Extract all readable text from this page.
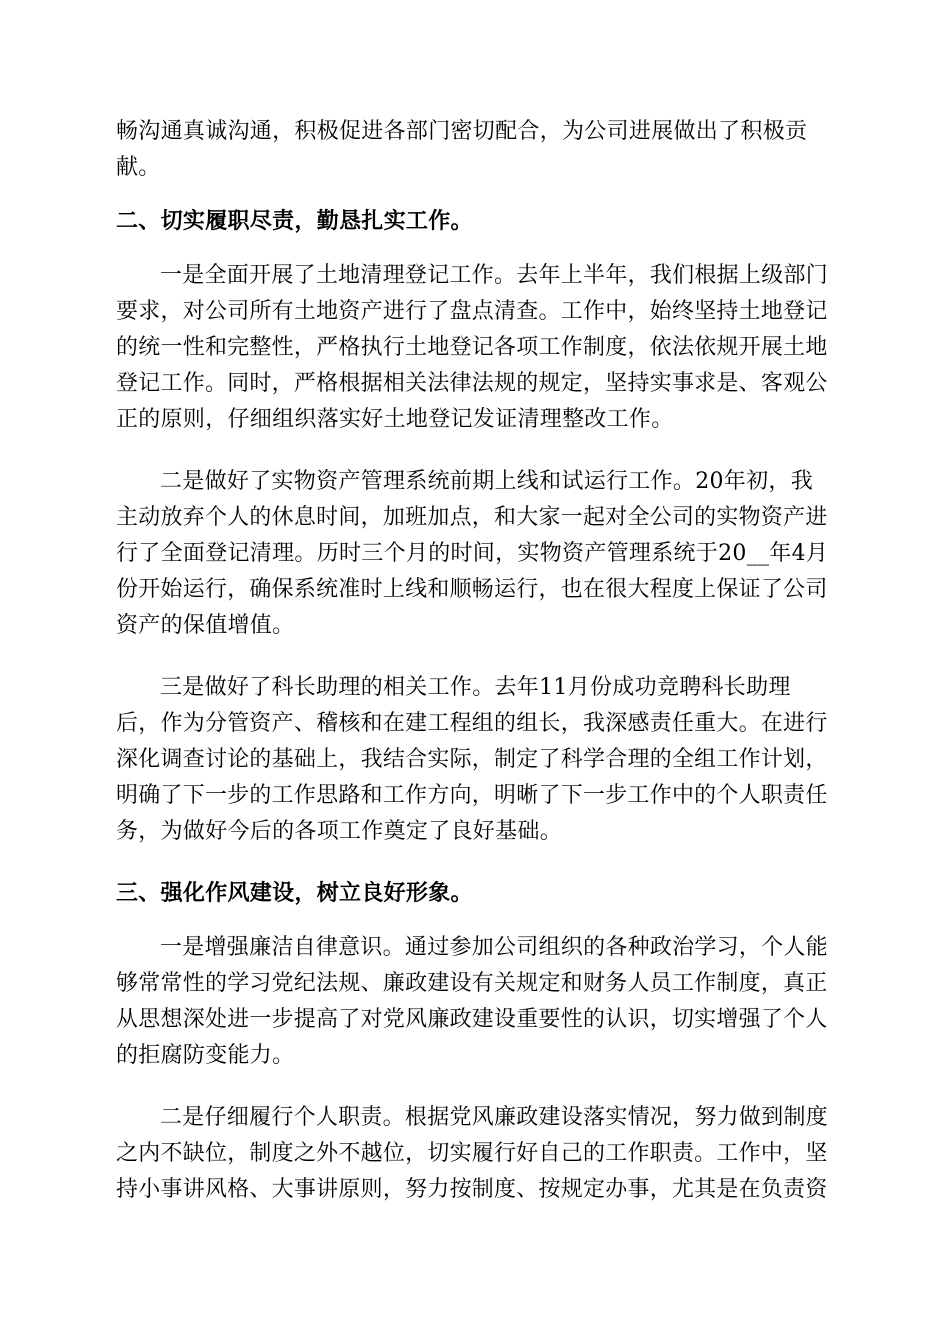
畅沟通真诚沟通，积极促进各部门密切配合，为公司进展做出了积极贡
献。
二、切实履职尽责，勤恳扎实工作。
一是全面开展了土地清理登记工作。去年上半年，我们根据上级部门
要求，对公司所有土地资产进行了盘点清查。工作中，始终坚持土地登记
的统一性和完整性，严格执行土地登记各项工作制度，依法依规开展土地
登记工作。同时，严格根据相关法律法规的规定，坚持实事求是、客观公
正的原则，仔细组织落实好土地登记发证清理整改工作。
二是做好了实物资产管理系统前期上线和试运行工作。20年初，我
主动放弃个人的休息时间，加班加点，和大家一起对全公司的实物资产进
行了全面登记清理。历时三个月的时间，实物资产管理系统于20__年4月
份开始运行，确保系统准时上线和顺畅运行，也在很大程度上保证了公司
资产的保值增值。
三是做好了科长助理的相关工作。去年11月份成功竞聘科长助理
后，作为分管资产、稽核和在建工程组的组长，我深感责任重大。在进行
深化调查讨论的基础上，我结合实际，制定了科学合理的全组工作计划，
明确了下一步的工作思路和工作方向，明晰了下一步工作中的个人职责任
务，为做好今后的各项工作奠定了良好基础。
三、强化作风建设，树立良好形象。
一是增强廉洁自律意识。通过参加公司组织的各种政治学习，个人能
够常常性的学习党纪法规、廉政建设有关规定和财务人员工作制度，真正
从思想深处进一步提高了对党风廉政建设重要性的认识，切实增强了个人
的拒腐防变能力。
二是仔细履行个人职责。根据党风廉政建设落实情况，努力做到制度
之内不缺位，制度之外不越位，切实履行好自己的工作职责。工作中，坚
持小事讲风格、大事讲原则，努力按制度、按规定办事，尤其是在负责资
